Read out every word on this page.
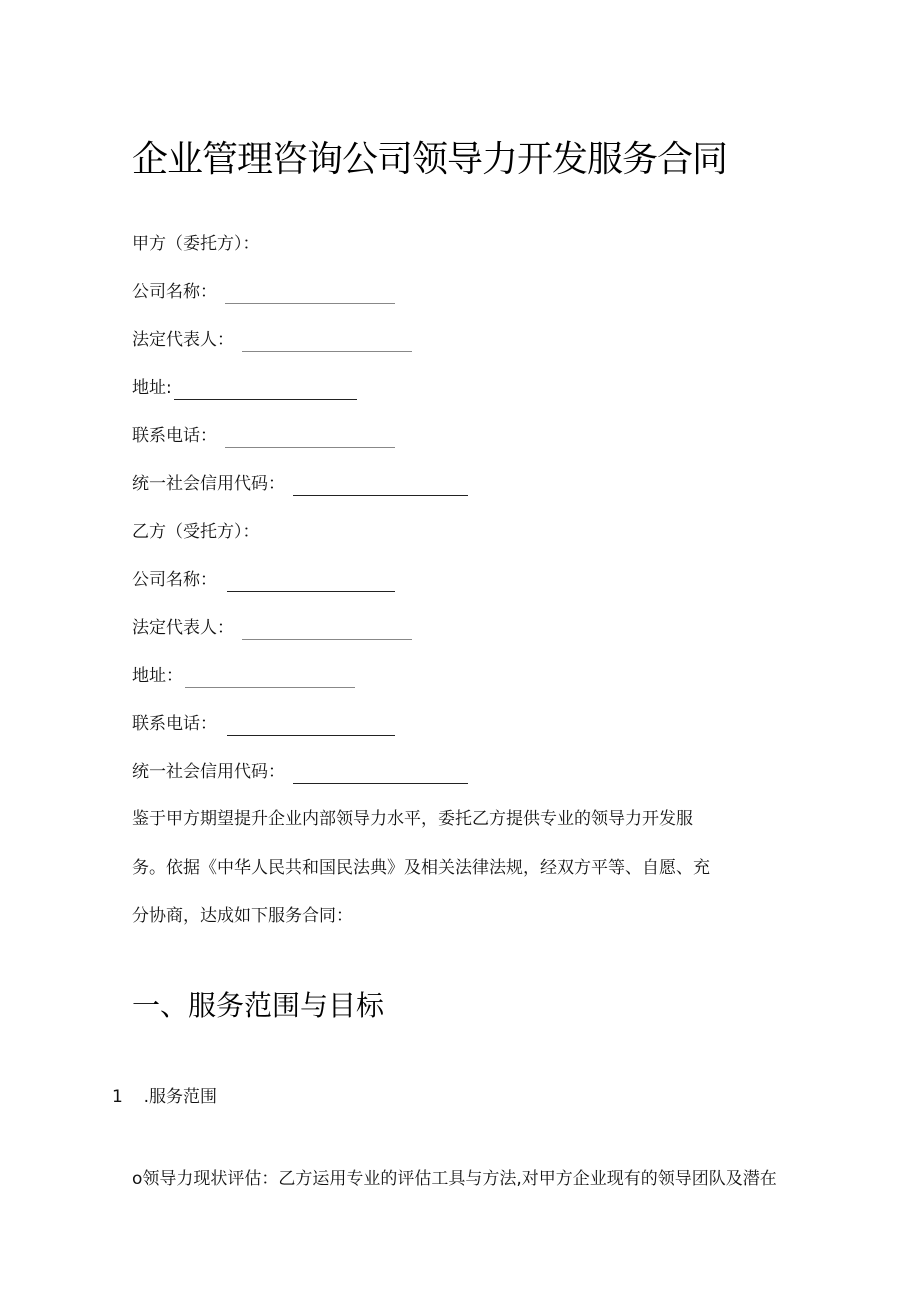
企业管理咨询公司领导力开发服务合同
甲方（委托方）：
公司名称：
法定代表人：
地址:
联系电话：
统一社会信用代码：
乙方（受托方）：
公司名称：
法定代表人：
地址：
联系电话：
统一社会信用代码：
鉴于甲方期望提升企业内部领导力水平，委托乙方提供专业的领导力开发服
务。依据《中华人民共和国民法典》及相关法律法规，经双方平等、自愿、充
分协商，达成如下服务合同：
一、服务范围与目标
1 .服务范围
o领导力现状评估：乙方运用专业的评估工具与方法,对甲方企业现有的领导团队及潜在
